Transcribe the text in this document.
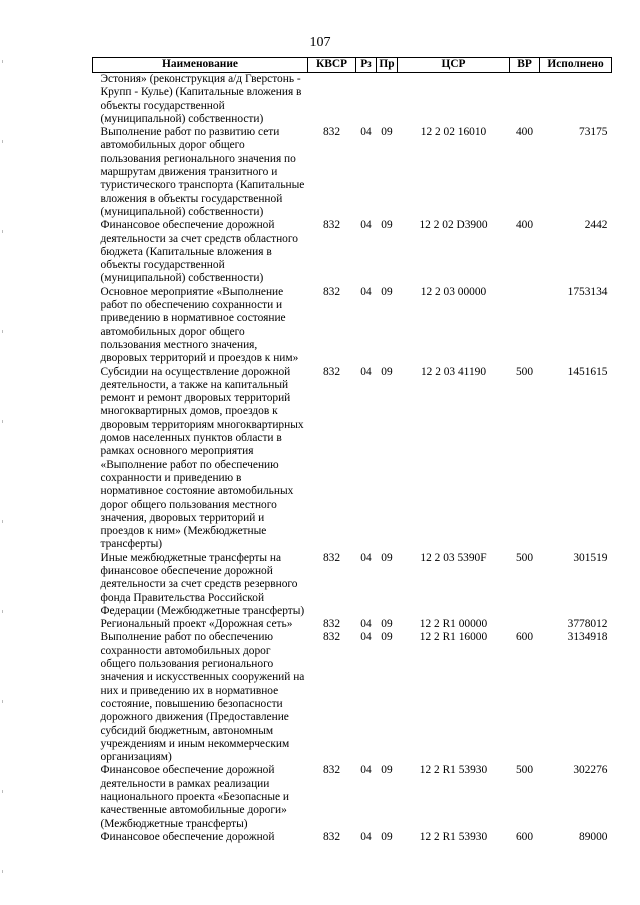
107
Наименование	КВСР	Рз	Пр	ЦСР	ВР	Исполнено
Эстония» (реконструкция а/д Гверстонь - Крупп - Кулье) (Капитальные вложения в объекты государственной (муниципальной) собственности)						
Выполнение работ по развитию сети автомобильных дорог общего пользования регионального значения по маршрутам движения транзитного и туристического транспорта (Капитальные вложения в объекты государственной (муниципальной) собственности)	832	04	09	12 2 02 16010	400	73175
Финансовое обеспечение дорожной деятельности за счет средств областного бюджета (Капитальные вложения в объекты государственной (муниципальной) собственности)	832	04	09	12 2 02 D3900	400	2442
Основное мероприятие «Выполнение работ по обеспечению сохранности и приведению в нормативное состояние автомобильных дорог общего пользования местного значения, дворовых территорий и проездов к ним»	832	04	09	12 2 03 00000		1753134
Субсидии на осуществление дорожной деятельности, а также на капитальный ремонт и ремонт дворовых территорий многоквартирных домов, проездов к дворовым территориям многоквартирных домов населенных пунктов области в рамках основного мероприятия «Выполнение работ по обеспечению сохранности и приведению в нормативное состояние автомобильных дорог общего пользования местного значения, дворовых территорий и проездов к ним» (Межбюджетные трансферты)	832	04	09	12 2 03 41190	500	1451615
Иные межбюджетные трансферты на финансовое обеспечение дорожной деятельности за счет средств резервного фонда Правительства Российской Федерации (Межбюджетные трансферты)	832	04	09	12 2 03 5390F	500	301519
Региональный проект «Дорожная сеть»	832	04	09	12 2 R1 00000		3778012
Выполнение работ по обеспечению сохранности автомобильных дорог общего пользования регионального значения и искусственных сооружений на них и приведению их в нормативное состояние, повышению безопасности дорожного движения (Предоставление субсидий бюджетным, автономным учреждениям и иным некоммерческим организациям)	832	04	09	12 2 R1 16000	600	3134918
Финансовое обеспечение дорожной деятельности в рамках реализации национального проекта «Безопасные и качественные автомобильные дороги» (Межбюджетные трансферты)	832	04	09	12 2 R1 53930	500	302276
Финансовое обеспечение дорожной	832	04	09	12 2 R1 53930	600	89000
